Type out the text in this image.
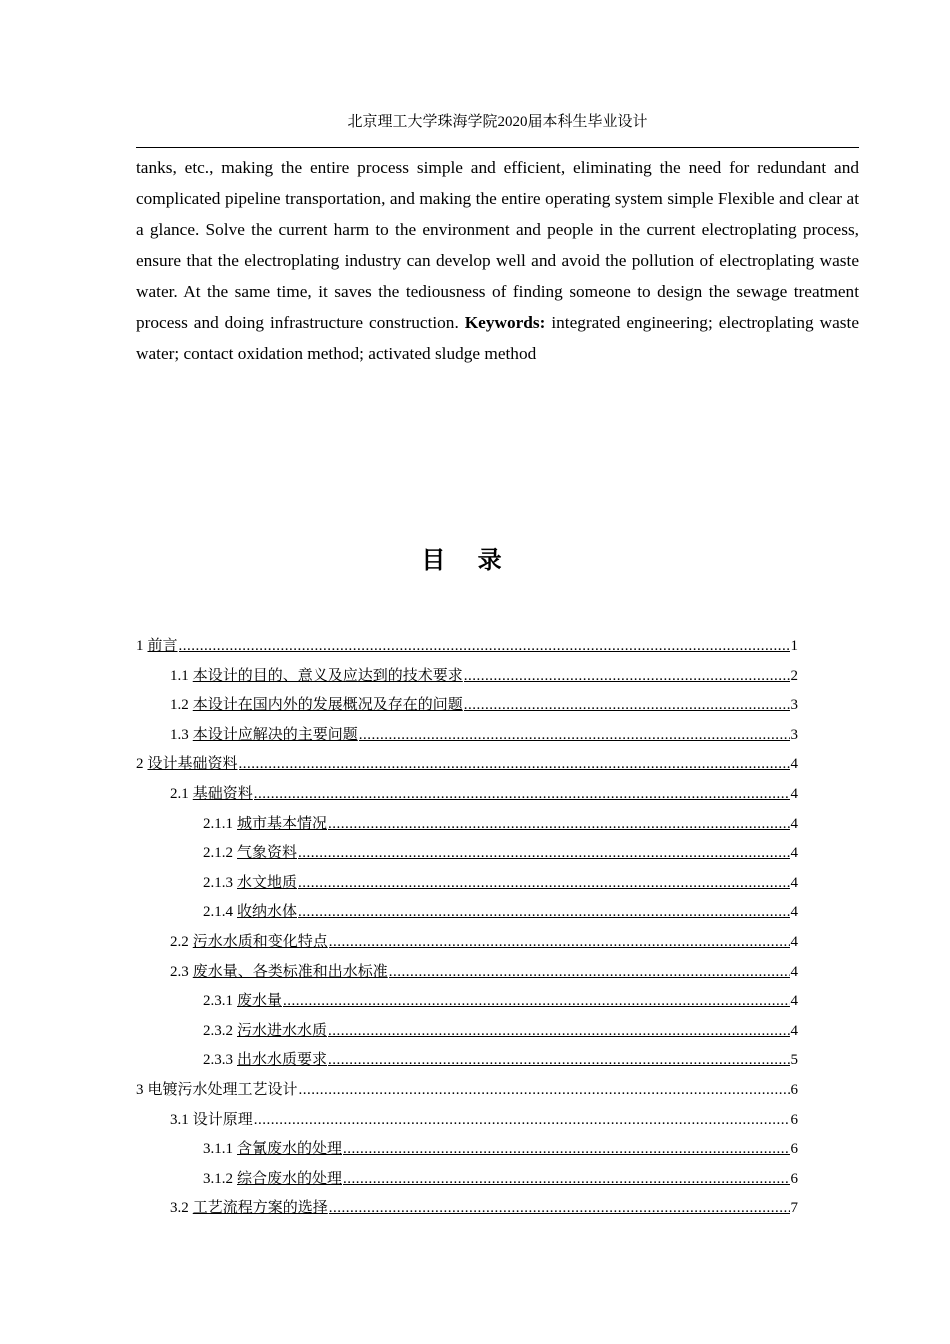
北京理工大学珠海学院2020届本科生毕业设计
tanks, etc., making the entire process simple and efficient, eliminating the need for redundant and complicated pipeline transportation, and making the entire operating system simple Flexible and clear at a glance. Solve the current harm to the environment and people in the current electroplating process, ensure that the electroplating industry can develop well and avoid the pollution of electroplating waste water. At the same time, it saves the tediousness of finding someone to design the sewage treatment process and doing infrastructure construction. Keywords: integrated engineering; electroplating waste water; contact oxidation method; activated sludge method
目 录
1 前言 .....	1
1.1 本设计的目的、意义及应达到的技术要求 .....	2
1.2 本设计在国内外的发展概况及存在的问题 .....	3
1.3 本设计应解决的主要问题 .....	3
2 设计基础资料 .....	4
2.1 基础资料 .....	4
2.1.1 城市基本情况 .....	4
2.1.2 气象资料 .....	4
2.1.3 水文地质 .....	4
2.1.4 收纳水体 .....	4
2.2 污水水质和变化特点 .....	4
2.3 废水量、各类标准和出水标准 .....	4
2.3.1 废水量 .....	4
2.3.2 污水进水水质 .....	4
2.3.3 出水水质要求 .....	5
3 电镀污水处理工艺设计 .....	6
3.1 设计原理 .....	6
3.1.1 含氰废水的处理 .....	6
3.1.2 综合废水的处理 .....	6
3.2 工艺流程方案的选择 .....	7
